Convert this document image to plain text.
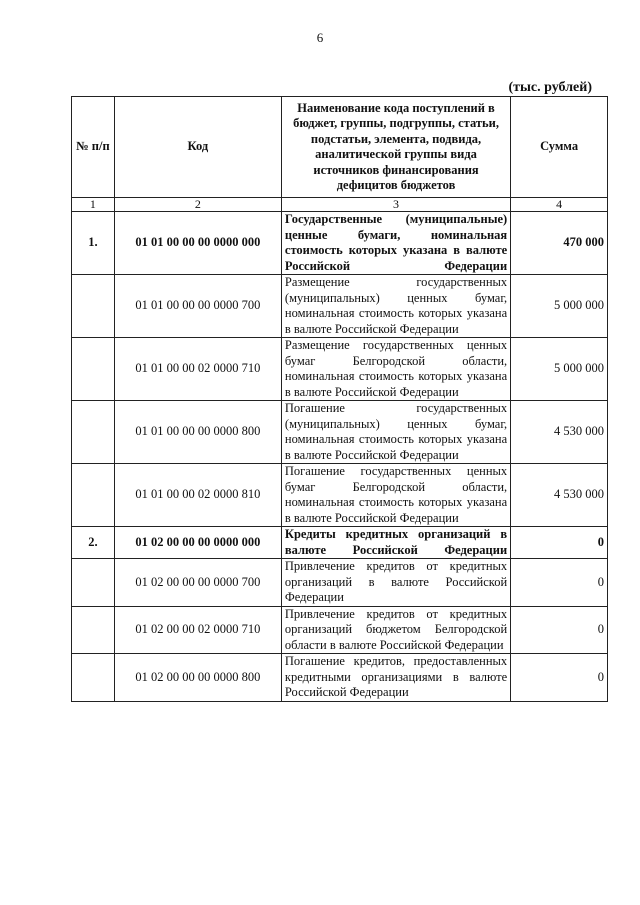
6
(тыс. рублей)
№ п/п	Код	Наименование кода поступлений в бюджет, группы, подгруппы, статьи, подстатьи, элемента, подвида, аналитической группы вида источников финансирования дефицитов бюджетов	Сумма
1	2	3	4
1.	01 01 00 00 00 0000 000	Государственные (муниципальные) ценные бумаги, номинальная стоимость которых указана в валюте Российской Федерации	470 000
	01 01 00 00 00 0000 700	Размещение государственных (муниципальных) ценных бумаг, номинальная стоимость которых указана в валюте Российской Федерации	5 000 000
	01 01 00 00 02 0000 710	Размещение государственных ценных бумаг Белгородской области, номинальная стоимость которых указана в валюте Российской Федерации	5 000 000
	01 01 00 00 00 0000 800	Погашение государственных (муниципальных) ценных бумаг, номинальная стоимость которых указана в валюте Российской Федерации	4 530 000
	01 01 00 00 02 0000 810	Погашение государственных ценных бумаг Белгородской области, номинальная стоимость которых указана в валюте Российской Федерации	4 530 000
2.	01 02 00 00 00 0000 000	Кредиты кредитных организаций в валюте Российской Федерации	0
	01 02 00 00 00 0000 700	Привлечение кредитов от кредитных организаций в валюте Российской Федерации	0
	01 02 00 00 02 0000 710	Привлечение кредитов от кредитных организаций бюджетом Белгородской области в валюте Российской Федерации	0
	01 02 00 00 00 0000 800	Погашение кредитов, предоставленных кредитными организациями в валюте Российской Федерации	0
